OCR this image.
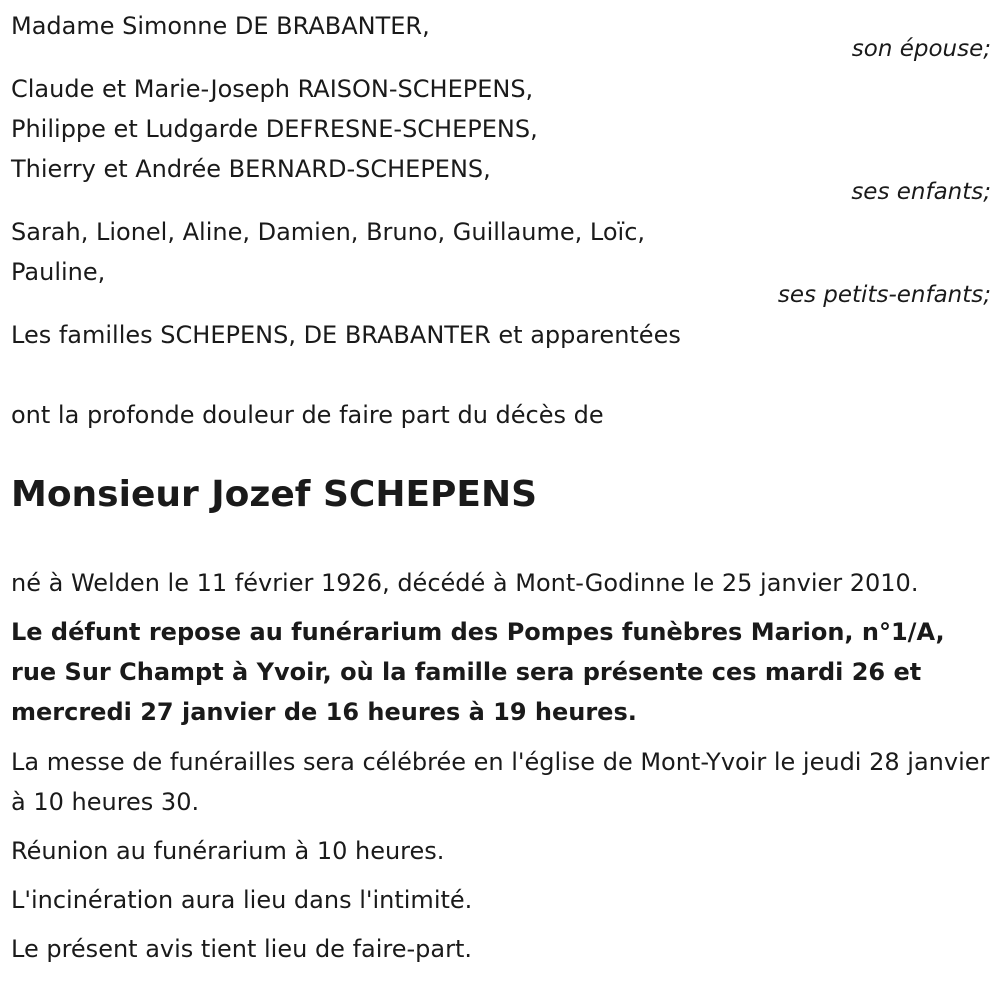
Madame Simonne DE BRABANTER,
son épouse;
Claude et Marie-Joseph RAISON-SCHEPENS,
Philippe et Ludgarde DEFRESNE-SCHEPENS,
Thierry et Andrée BERNARD-SCHEPENS,
ses enfants;
Sarah, Lionel, Aline, Damien, Bruno, Guillaume, Loïc,
Pauline,
ses petits-enfants;
Les familles SCHEPENS, DE BRABANTER et apparentées
ont la profonde douleur de faire part du décès de
Monsieur Jozef SCHEPENS
né à Welden le 11 février 1926, décédé à Mont-Godinne le 25 janvier 2010.
Le défunt repose au funérarium des Pompes funèbres Marion, n°1/A, rue Sur Champt à Yvoir, où la famille sera présente ces mardi 26 et mercredi 27 janvier de 16 heures à 19 heures.
La messe de funérailles sera célébrée en l'église de Mont-Yvoir le jeudi 28 janvier à 10 heures 30.
Réunion au funérarium à 10 heures.
L'incinération aura lieu dans l'intimité.
Le présent avis tient lieu de faire-part.
